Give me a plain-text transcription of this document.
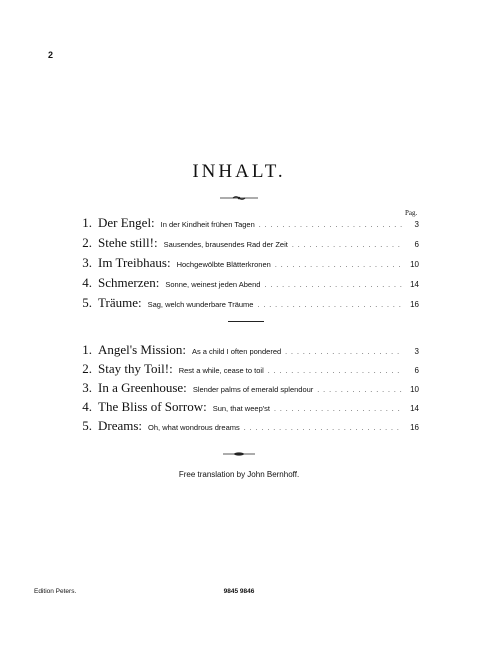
2
INHALT.
Pag.
1. Der Engel: In der Kindheit frühen Tagen . . .	3
2. Stehe still!: Sausendes, brausendes Rad der Zeit . . .	6
3. Im Treibhaus: Hochgewölbte Blätterkronen . . .	10
4. Schmerzen: Sonne, weinest jeden Abend . . .	14
5. Träume: Sag, welch wunderbare Träume . . .	16
1. Angel's Mission: As a child I often pondered . . .	3
2. Stay thy Toil!: Rest a while, cease to toil . . .	6
3. In a Greenhouse: Slender palms of emerald splendour . . .	10
4. The Bliss of Sorrow: Sun, that weep'st . . .	14
5. Dreams: Oh, what wondrous dreams . . .	16
Free translation by John Bernhoff.
Edition Peters.	9845 9846
